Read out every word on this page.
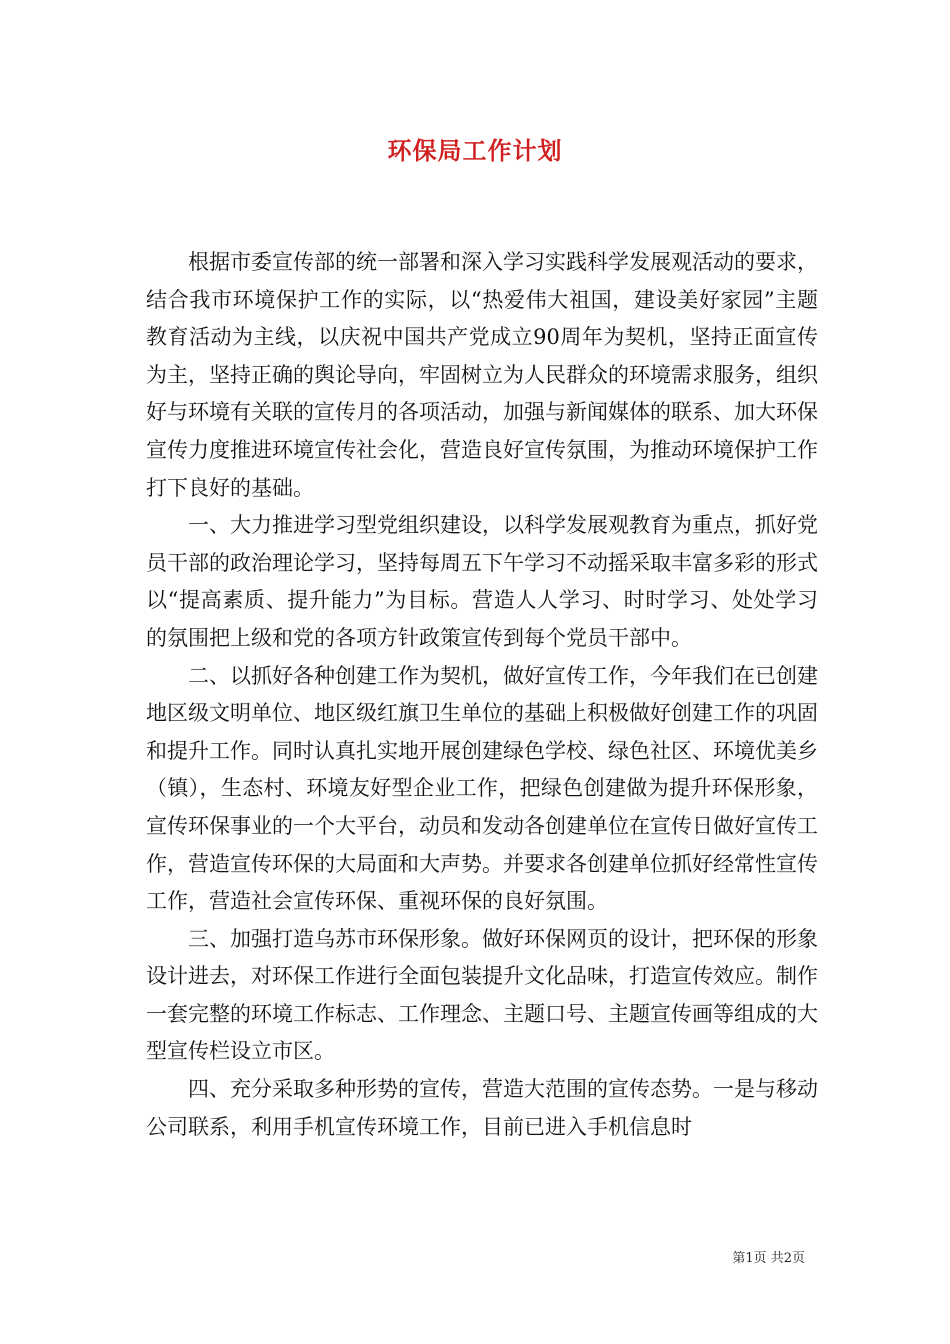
环保局工作计划

根据市委宣传部的统一部署和深入学习实践科学发展观活动的要求，结合我市环境保护工作的实际，以“热爱伟大祖国，建设美好家园”主题教育活动为主线，以庆祝中国共产党成立90周年为契机，坚持正面宣传为主，坚持正确的舆论导向，牢固树立为人民群众的环境需求服务，组织好与环境有关联的宣传月的各项活动，加强与新闻媒体的联系、加大环保宣传力度推进环境宣传社会化，营造良好宣传氛围，为推动环境保护工作打下良好的基础。

一、大力推进学习型党组织建设，以科学发展观教育为重点，抓好党员干部的政治理论学习，坚持每周五下午学习不动摇采取丰富多彩的形式以“提高素质、提升能力”为目标。营造人人学习、时时学习、处处学习的氛围把上级和党的各项方针政策宣传到每个党员干部中。

二、以抓好各种创建工作为契机，做好宣传工作，今年我们在已创建地区级文明单位、地区级红旗卫生单位的基础上积极做好创建工作的巩固和提升工作。同时认真扎实地开展创建绿色学校、绿色社区、环境优美乡（镇），生态村、环境友好型企业工作，把绿色创建做为提升环保形象，宣传环保事业的一个大平台，动员和发动各创建单位在宣传日做好宣传工作，营造宣传环保的大局面和大声势。并要求各创建单位抓好经常性宣传工作，营造社会宣传环保、重视环保的良好氛围。

三、加强打造乌苏市环保形象。做好环保网页的设计，把环保的形象设计进去，对环保工作进行全面包装提升文化品味，打造宣传效应。制作一套完整的环境工作标志、工作理念、主题口号、主题宣传画等组成的大型宣传栏设立市区。

四、充分采取多种形势的宣传，营造大范围的宣传态势。一是与移动公司联系，利用手机宣传环境工作，目前已进入手机信息时

第1页 共2页
